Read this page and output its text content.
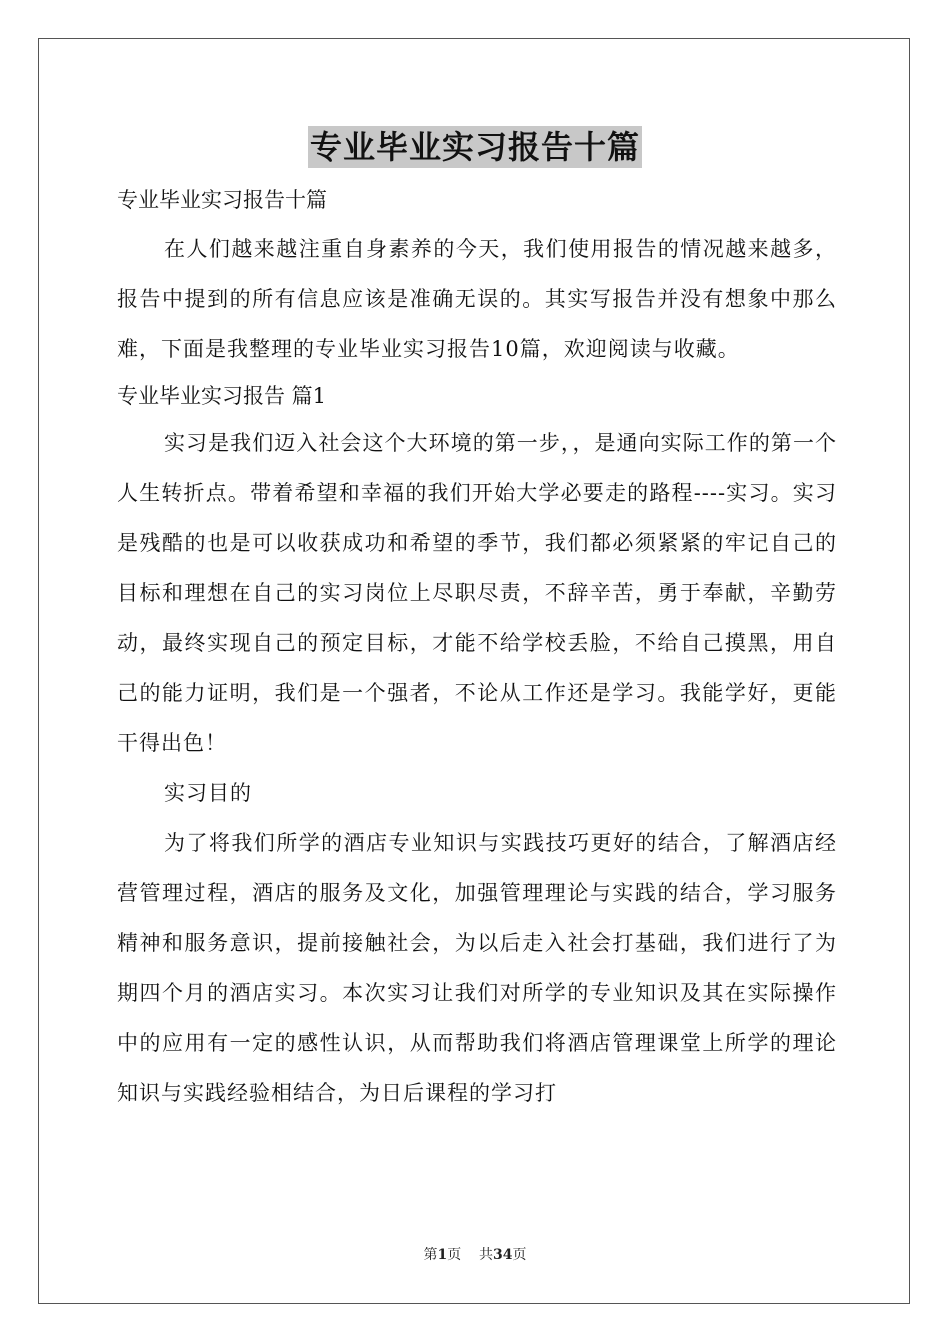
专业毕业实习报告十篇

专业毕业实习报告十篇

在人们越来越注重自身素养的今天，我们使用报告的情况越来越多，报告中提到的所有信息应该是准确无误的。其实写报告并没有想象中那么难，下面是我整理的专业毕业实习报告10篇，欢迎阅读与收藏。

专业毕业实习报告 篇1

实习是我们迈入社会这个大环境的第一步，，是通向实际工作的第一个人生转折点。带着希望和幸福的我们开始大学必要走的路程----实习。实习是残酷的也是可以收获成功和希望的季节，我们都必须紧紧的牢记自己的目标和理想在自己的实习岗位上尽职尽责，不辞辛苦，勇于奉献，辛勤劳动，最终实现自己的预定目标，才能不给学校丢脸，不给自己摸黑，用自己的能力证明，我们是一个强者，不论从工作还是学习。我能学好，更能干得出色！

实习目的

为了将我们所学的酒店专业知识与实践技巧更好的结合，了解酒店经营管理过程，酒店的服务及文化，加强管理理论与实践的结合，学习服务精神和服务意识，提前接触社会，为以后走入社会打基础，我们进行了为期四个月的酒店实习。本次实习让我们对所学的专业知识及其在实际操作中的应用有一定的感性认识，从而帮助我们将酒店管理课堂上所学的理论知识与实践经验相结合，为日后课程的学习打

第1页    共34页
